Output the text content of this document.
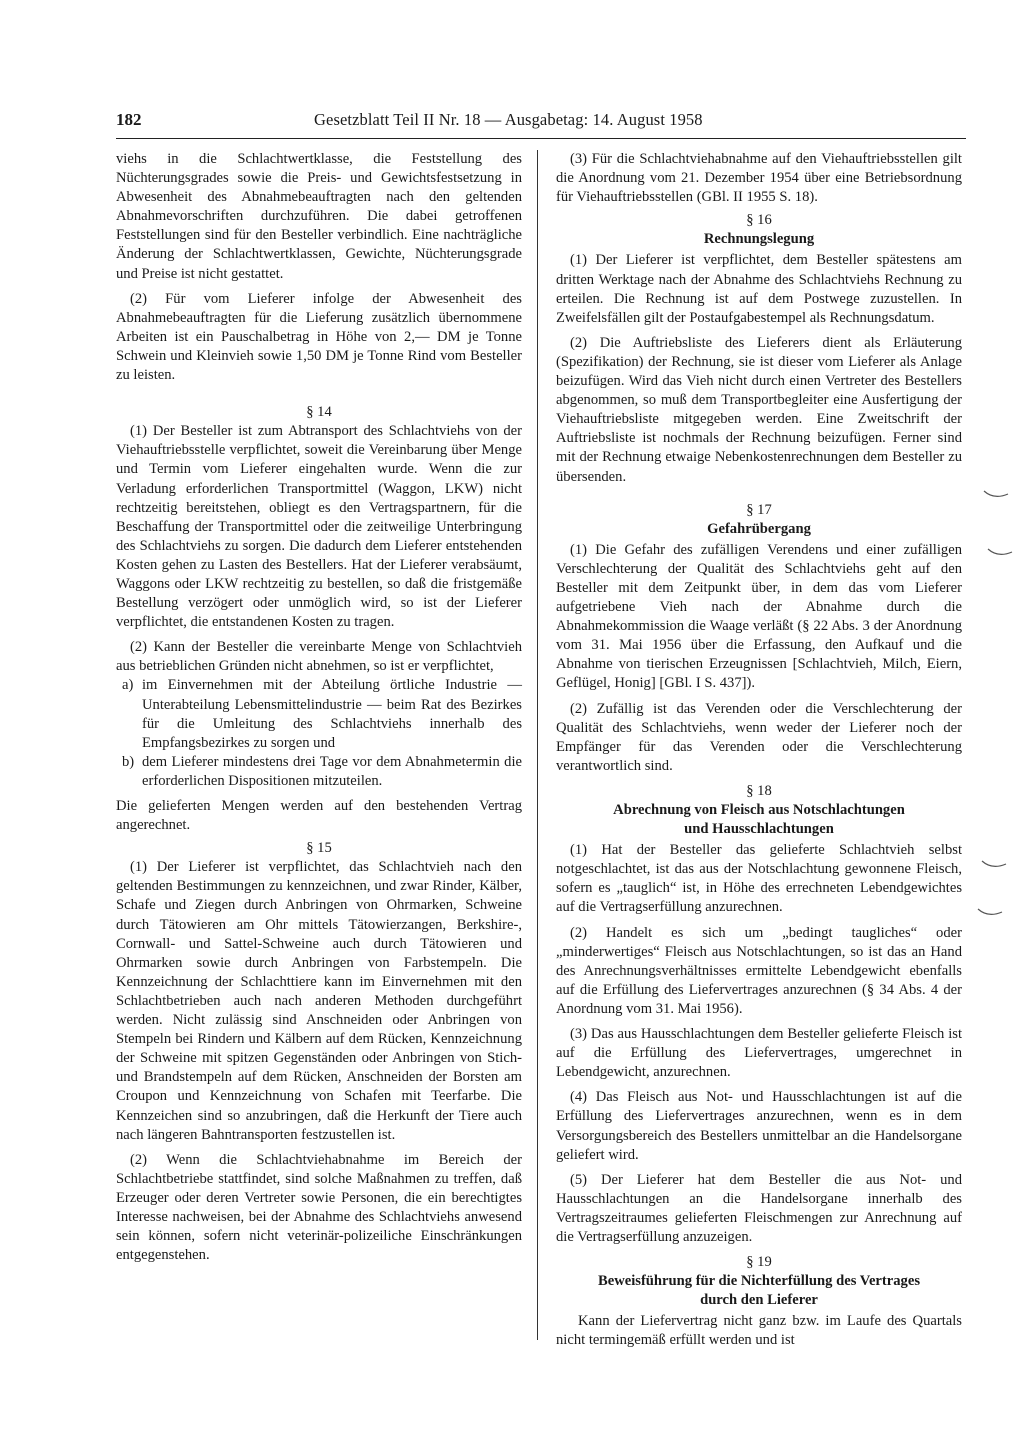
182	Gesetzblatt Teil II Nr. 18 — Ausgabetag: 14. August 1958

viehs in die Schlachtwertklasse, die Feststellung des Nüchterungsgrades sowie die Preis- und Gewichtsfestsetzung in Abwesenheit des Abnahmebeauftragten nach den geltenden Abnahmevorschriften durchzuführen. Die dabei getroffenen Feststellungen sind für den Besteller verbindlich. Eine nachträgliche Änderung der Schlachtwertklassen, Gewichte, Nüchterungsgrade und Preise ist nicht gestattet.

(2) Für vom Lieferer infolge der Abwesenheit des Abnahmebeauftragten für die Lieferung zusätzlich übernommene Arbeiten ist ein Pauschalbetrag in Höhe von 2,— DM je Tonne Schwein und Kleinvieh sowie 1,50 DM je Tonne Rind vom Besteller zu leisten.

§ 14

(1) Der Besteller ist zum Abtransport des Schlachtviehs von der Viehauftriebsstelle verpflichtet, soweit die Vereinbarung über Menge und Termin vom Lieferer eingehalten wurde. Wenn die zur Verladung erforderlichen Transportmittel (Waggon, LKW) nicht rechtzeitig bereitstehen, obliegt es den Vertragspartnern, für die Beschaffung der Transportmittel oder die zeitweilige Unterbringung des Schlachtviehs zu sorgen. Die dadurch dem Lieferer entstehenden Kosten gehen zu Lasten des Bestellers. Hat der Lieferer verabsäumt, Waggons oder LKW rechtzeitig zu bestellen, so daß die fristgemäße Bestellung verzögert oder unmöglich wird, so ist der Lieferer verpflichtet, die entstandenen Kosten zu tragen.

(2) Kann der Besteller die vereinbarte Menge von Schlachtvieh aus betrieblichen Gründen nicht abnehmen, so ist er verpflichtet,

a) im Einvernehmen mit der Abteilung örtliche Industrie — Unterabteilung Lebensmittelindustrie — beim Rat des Bezirkes für die Umleitung des Schlachtviehs innerhalb des Empfangsbezirkes zu sorgen und
b) dem Lieferer mindestens drei Tage vor dem Abnahmetermin die erforderlichen Dispositionen mitzuteilen.

Die gelieferten Mengen werden auf den bestehenden Vertrag angerechnet.

§ 15

(1) Der Lieferer ist verpflichtet, das Schlachtvieh nach den geltenden Bestimmungen zu kennzeichnen, und zwar Rinder, Kälber, Schafe und Ziegen durch Anbringen von Ohrmarken, Schweine durch Tätowieren am Ohr mittels Tätowierzangen, Berkshire-, Cornwall- und Sattel-Schweine auch durch Tätowieren und Ohrmarken sowie durch Anbringen von Farbstempeln. Die Kennzeichnung der Schlachttiere kann im Einvernehmen mit den Schlachtbetrieben auch nach anderen Methoden durchgeführt werden. Nicht zulässig sind Anschneiden oder Anbringen von Stempeln bei Rindern und Kälbern auf dem Rücken, Kennzeichnung der Schweine mit spitzen Gegenständen oder Anbringen von Stich- und Brandstempeln auf dem Rücken, Anschneiden der Borsten am Croupon und Kennzeichnung von Schafen mit Teerfarbe. Die Kennzeichen sind so anzubringen, daß die Herkunft der Tiere auch nach längeren Bahntransporten festzustellen ist.

(2) Wenn die Schlachtviehabnahme im Bereich der Schlachtbetriebe stattfindet, sind solche Maßnahmen zu treffen, daß Erzeuger oder deren Vertreter sowie Personen, die ein berechtigtes Interesse nachweisen, bei der Abnahme des Schlachtviehs anwesend sein können, sofern nicht veterinär-polizeiliche Einschränkungen entgegenstehen.

(3) Für die Schlachtviehabnahme auf den Viehauftriebsstellen gilt die Anordnung vom 21. Dezember 1954 über eine Betriebsordnung für Viehauftriebsstellen (GBl. II 1955 S. 18).

§ 16
Rechnungslegung

(1) Der Lieferer ist verpflichtet, dem Besteller spätestens am dritten Werktage nach der Abnahme des Schlachtviehs Rechnung zu erteilen. Die Rechnung ist auf dem Postwege zuzustellen. In Zweifelsfällen gilt der Postaufgabestempel als Rechnungsdatum.

(2) Die Auftriebsliste des Lieferers dient als Erläuterung (Spezifikation) der Rechnung, sie ist dieser vom Lieferer als Anlage beizufügen. Wird das Vieh nicht durch einen Vertreter des Bestellers abgenommen, so muß dem Transportbegleiter eine Ausfertigung der Viehauftriebsliste mitgegeben werden. Eine Zweitschrift der Auftriebsliste ist nochmals der Rechnung beizufügen. Ferner sind mit der Rechnung etwaige Nebenkostenrechnungen dem Besteller zu übersenden.

§ 17
Gefahrübergang

(1) Die Gefahr des zufälligen Verendens und einer zufälligen Verschlechterung der Qualität des Schlachtviehs geht auf den Besteller mit dem Zeitpunkt über, in dem das vom Lieferer aufgetriebene Vieh nach der Abnahme durch die Abnahmekommission die Waage verläßt (§ 22 Abs. 3 der Anordnung vom 31. Mai 1956 über die Erfassung, den Aufkauf und die Abnahme von tierischen Erzeugnissen [Schlachtvieh, Milch, Eiern, Geflügel, Honig] [GBl. I S. 437]).

(2) Zufällig ist das Verenden oder die Verschlechterung der Qualität des Schlachtviehs, wenn weder der Lieferer noch der Empfänger für das Verenden oder die Verschlechterung verantwortlich sind.

§ 18
Abrechnung von Fleisch aus Notschlachtungen
und Hausschlachtungen

(1) Hat der Besteller das gelieferte Schlachtvieh selbst notgeschlachtet, ist das aus der Notschlachtung gewonnene Fleisch, sofern es „tauglich“ ist, in Höhe des errechneten Lebendgewichtes auf die Vertragserfüllung anzurechnen.

(2) Handelt es sich um „bedingt taugliches“ oder „minderwertiges“ Fleisch aus Notschlachtungen, so ist das an Hand des Anrechnungsverhältnisses ermittelte Lebendgewicht ebenfalls auf die Erfüllung des Liefervertrages anzurechnen (§ 34 Abs. 4 der Anordnung vom 31. Mai 1956).

(3) Das aus Hausschlachtungen dem Besteller gelieferte Fleisch ist auf die Erfüllung des Liefervertrages, umgerechnet in Lebendgewicht, anzurechnen.

(4) Das Fleisch aus Not- und Hausschlachtungen ist auf die Erfüllung des Liefervertrages anzurechnen, wenn es in dem Versorgungsbereich des Bestellers unmittelbar an die Handelsorgane geliefert wird.

(5) Der Lieferer hat dem Besteller die aus Not- und Hausschlachtungen an die Handelsorgane innerhalb des Vertragszeitraumes gelieferten Fleischmengen zur Anrechnung auf die Vertragserfüllung anzuzeigen.

§ 19
Beweisführung für die Nichterfüllung des Vertrages
durch den Lieferer

Kann der Liefervertrag nicht ganz bzw. im Laufe des Quartals nicht termingemäß erfüllt werden und ist
